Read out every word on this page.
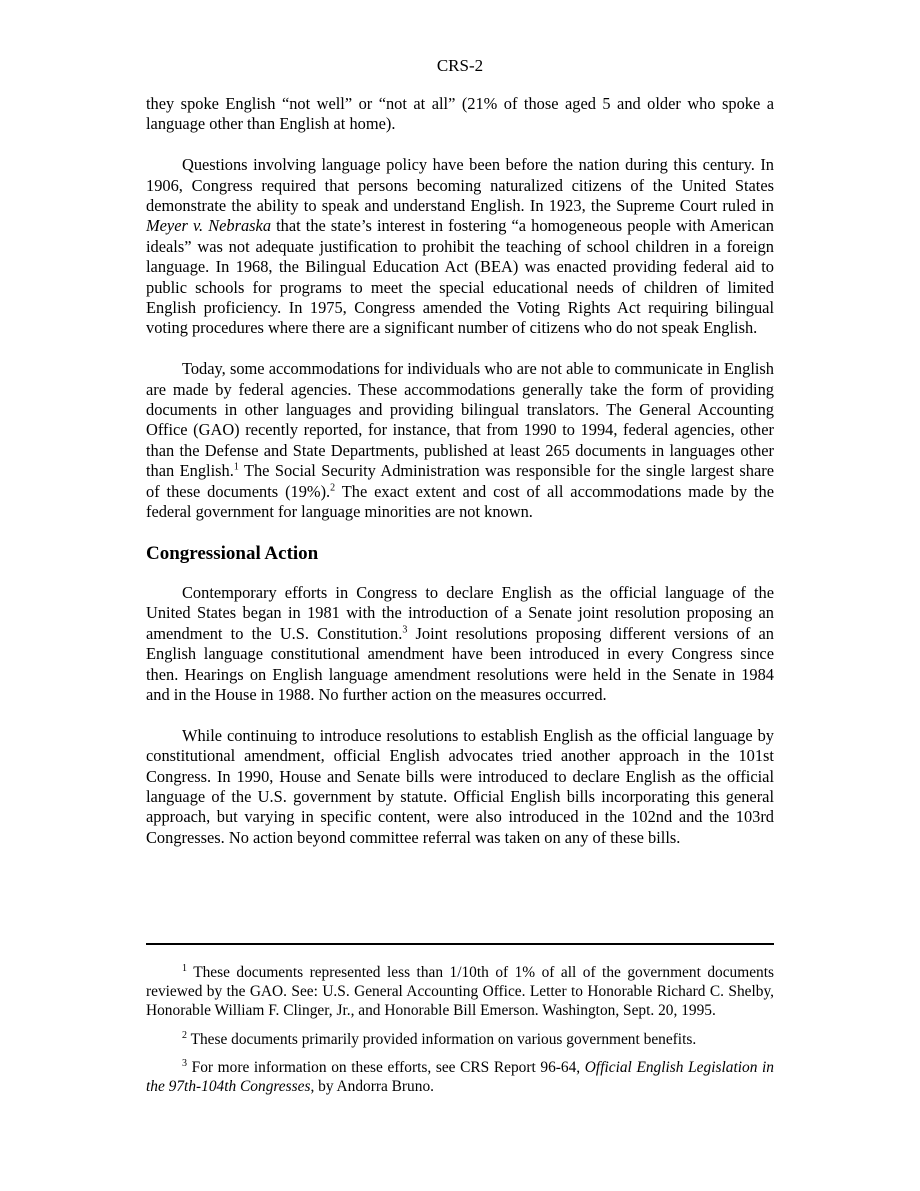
CRS-2

they spoke English “not well” or “not at all” (21% of those aged 5 and older who spoke a language other than English at home).

Questions involving language policy have been before the nation during this century. In 1906, Congress required that persons becoming naturalized citizens of the United States demonstrate the ability to speak and understand English. In 1923, the Supreme Court ruled in Meyer v. Nebraska that the state’s interest in fostering “a homogeneous people with American ideals” was not adequate justification to prohibit the teaching of school children in a foreign language. In 1968, the Bilingual Education Act (BEA) was enacted providing federal aid to public schools for programs to meet the special educational needs of children of limited English proficiency. In 1975, Congress amended the Voting Rights Act requiring bilingual voting procedures where there are a significant number of citizens who do not speak English.

Today, some accommodations for individuals who are not able to communicate in English are made by federal agencies. These accommodations generally take the form of providing documents in other languages and providing bilingual translators. The General Accounting Office (GAO) recently reported, for instance, that from 1990 to 1994, federal agencies, other than the Defense and State Departments, published at least 265 documents in languages other than English.$^1$ The Social Security Administration was responsible for the single largest share of these documents (19%).$^2$ The exact extent and cost of all accommodations made by the federal government for language minorities are not known.

Congressional Action

Contemporary efforts in Congress to declare English as the official language of the United States began in 1981 with the introduction of a Senate joint resolution proposing an amendment to the U.S. Constitution.$^3$ Joint resolutions proposing different versions of an English language constitutional amendment have been introduced in every Congress since then. Hearings on English language amendment resolutions were held in the Senate in 1984 and in the House in 1988. No further action on the measures occurred.

While continuing to introduce resolutions to establish English as the official language by constitutional amendment, official English advocates tried another approach in the 101st Congress. In 1990, House and Senate bills were introduced to declare English as the official language of the U.S. government by statute. Official English bills incorporating this general approach, but varying in specific content, were also introduced in the 102nd and the 103rd Congresses. No action beyond committee referral was taken on any of these bills.

$^1$ These documents represented less than 1/10th of 1% of all of the government documents reviewed by the GAO. See: U.S. General Accounting Office. Letter to Honorable Richard C. Shelby, Honorable William F. Clinger, Jr., and Honorable Bill Emerson. Washington, Sept. 20, 1995.

$^2$ These documents primarily provided information on various government benefits.

$^3$ For more information on these efforts, see CRS Report 96-64, Official English Legislation in the 97th-104th Congresses, by Andorra Bruno.
